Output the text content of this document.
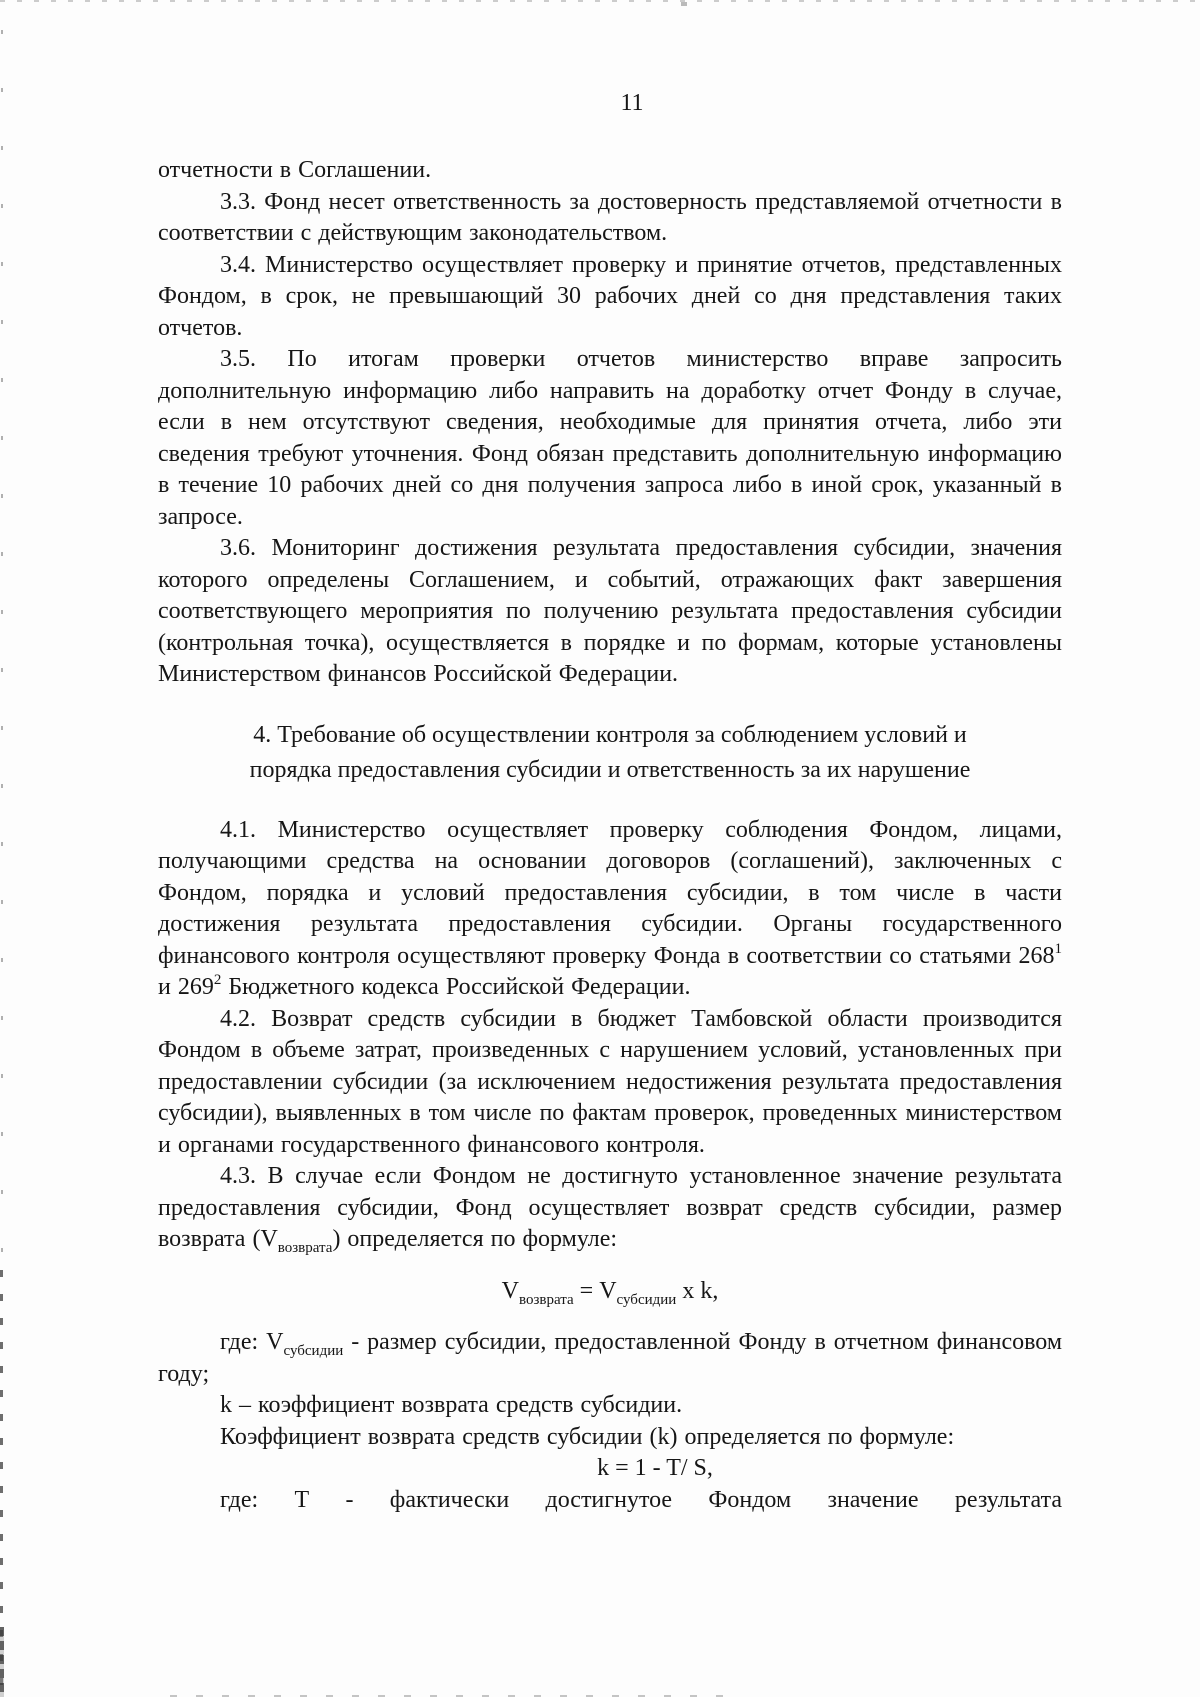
11

отчетности в Соглашении.

3.3. Фонд несет ответственность за достоверность представляемой отчетности в соответствии с действующим законодательством.

3.4. Министерство осуществляет проверку и принятие отчетов, представленных Фондом, в срок, не превышающий 30 рабочих дней со дня представления таких отчетов.

3.5. По итогам проверки отчетов министерство вправе запросить дополнительную информацию либо направить на доработку отчет Фонду в случае, если в нем отсутствуют сведения, необходимые для принятия отчета, либо эти сведения требуют уточнения. Фонд обязан представить дополнительную информацию в течение 10 рабочих дней со дня получения запроса либо в иной срок, указанный в запросе.

3.6. Мониторинг достижения результата предоставления субсидии, значения которого определены Соглашением, и событий, отражающих факт завершения соответствующего мероприятия по получению результата предоставления субсидии (контрольная точка), осуществляется в порядке и по формам, которые установлены Министерством финансов Российской Федерации.

4. Требование об осуществлении контроля за соблюдением условий и порядка предоставления субсидии и ответственность за их нарушение

4.1. Министерство осуществляет проверку соблюдения Фондом, лицами, получающими средства на основании договоров (соглашений), заключенных с Фондом, порядка и условий предоставления субсидии, в том числе в части достижения результата предоставления субсидии. Органы государственного финансового контроля осуществляют проверку Фонда в соответствии со статьями $268^1$ и $269^2$ Бюджетного кодекса Российской Федерации.

4.2. Возврат средств субсидии в бюджет Тамбовской области производится Фондом в объеме затрат, произведенных с нарушением условий, установленных при предоставлении субсидии (за исключением недостижения результата предоставления субсидии), выявленных в том числе по фактам проверок, проведенных министерством и органами государственного финансового контроля.

4.3. В случае если Фондом не достигнуто установленное значение результата предоставления субсидии, Фонд осуществляет возврат средств субсидии, размер возврата $(V_{возврата})$ определяется по формуле:

$V_{возврата} = V_{субсидии}$ x k,

где: $V_{субсидии}$ - размер субсидии, предоставленной Фонду в отчетном финансовом году;

k – коэффициент возврата средств субсидии.

Коэффициент возврата средств субсидии (k) определяется по формуле:

k = 1 - T/ S,

где: Т - фактически достигнутое Фондом значение результата
